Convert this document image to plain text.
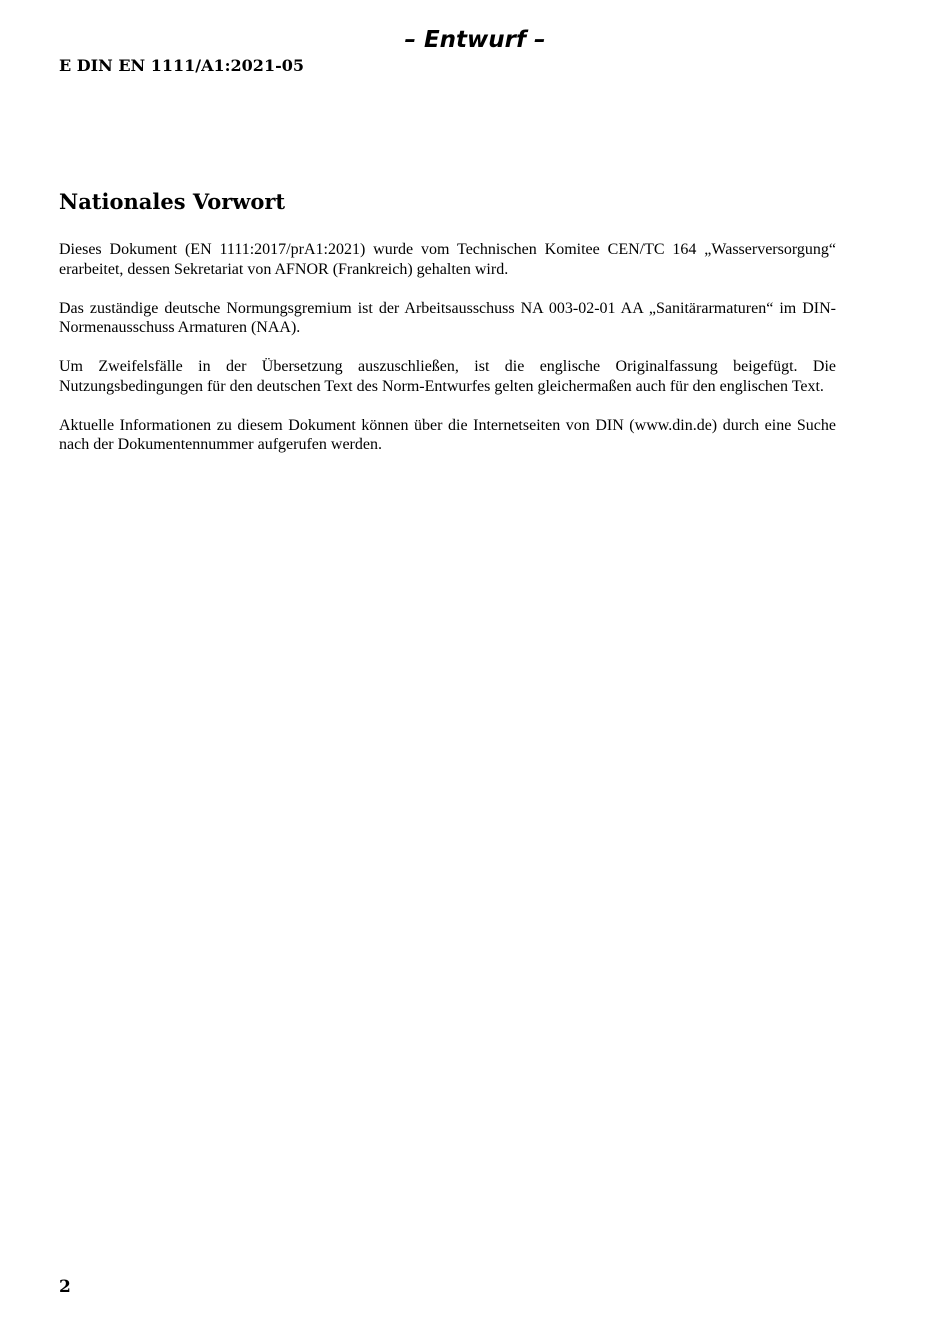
– Entwurf –
E DIN EN 1111/A1:2021-05
Nationales Vorwort

Dieses Dokument (EN 1111:2017/prA1:2021) wurde vom Technischen Komitee CEN/TC 164 „Wasserversorgung“ erarbeitet, dessen Sekretariat von AFNOR (Frankreich) gehalten wird.

Das zuständige deutsche Normungsgremium ist der Arbeitsausschuss NA 003-02-01 AA „Sanitärarmaturen“ im DIN-Normenausschuss Armaturen (NAA).

Um Zweifelsfälle in der Übersetzung auszuschließen, ist die englische Originalfassung beigefügt. Die Nutzungsbedingungen für den deutschen Text des Norm-Entwurfes gelten gleichermaßen auch für den englischen Text.

Aktuelle Informationen zu diesem Dokument können über die Internetseiten von DIN (www.din.de) durch eine Suche nach der Dokumentennummer aufgerufen werden.

2
